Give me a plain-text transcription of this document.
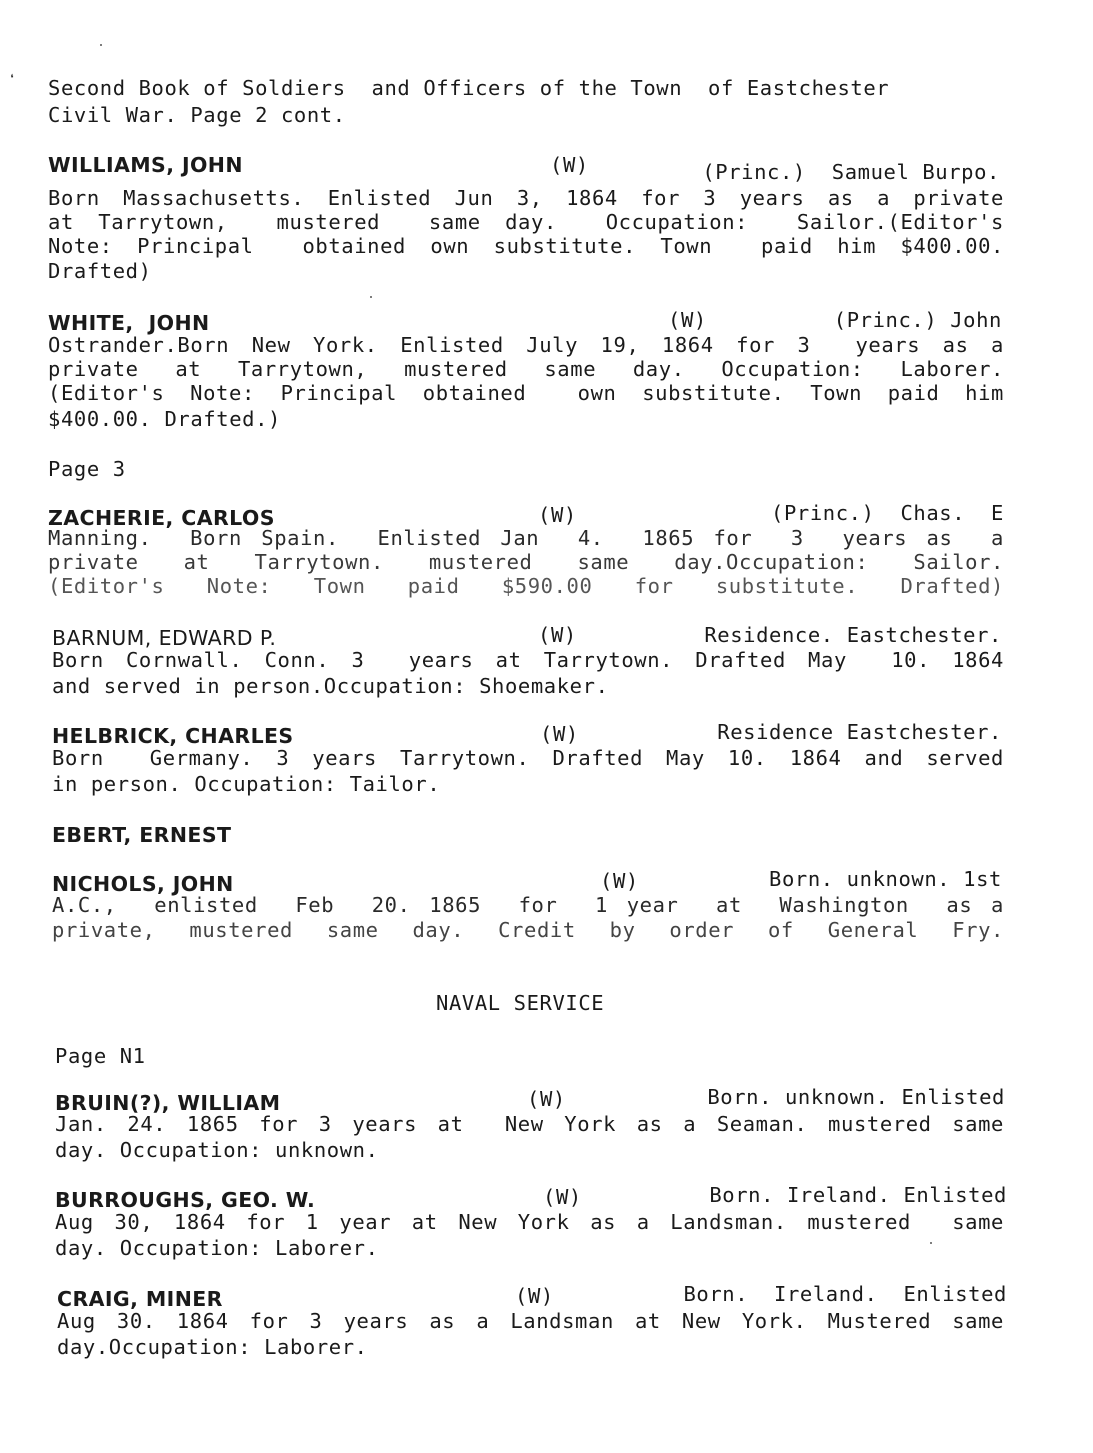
❛ Second Book of Soldiers  and Officers of the Town  of Eastchester
Civil War. Page 2 cont.

WILLIAMS, JOHN

	(W)

	(Princ.)  Samuel Burpo.

Born Massachusetts. Enlisted Jun 3, 1864 for 3 years as a private
at Tarrytown,  mustered  same day.  Occupation:  Sailor.(Editor's
Note: Principal  obtained own substitute. Town  paid him $400.00.
Drafted)

WHITE,  JOHN

	(W)

	(Princ.) John

Ostrander.Born New York. Enlisted July 19, 1864 for 3  years as a
private at Tarrytown, mustered same day. Occupation: Laborer.
(Editor's Note: Principal obtained  own substitute. Town paid him
$400.00. Drafted.)
Page 3

ZACHERIE, CARLOS

	(W)

	(Princ.)  Chas.  E

Manning.  Born Spain.  Enlisted Jan  4.  1865 for  3  years as  a
private at Tarrytown. mustered same day.Occupation: Sailor.
(Editor's Note: Town paid $590.00 for substitute. Drafted)

BARNUM, EDWARD P.

	(W)

	Residence. Eastchester.

Born Cornwall. Conn. 3  years at Tarrytown. Drafted May  10. 1864
and served in person.Occupation: Shoemaker.

HELBRICK, CHARLES

	(W)

	Residence Eastchester.

Born  Germany. 3 years Tarrytown. Drafted May 10. 1864 and served
in person. Occupation: Tailor.
EBERT, ERNEST

NICHOLS, JOHN

	(W)

	Born. unknown. 1st

A.C.,  enlisted  Feb  20. 1865  for  1 year  at  Washington  as a
private, mustered same day. Credit by order of General Fry.
NAVAL SERVICE
Page N1

BRUIN(?), WILLIAM

	(W)

	Born. unknown. Enlisted

Jan. 24. 1865 for 3 years at  New York as a Seaman. mustered same
day. Occupation: unknown.

BURROUGHS, GEO. W.

	(W)

	Born. Ireland. Enlisted

Aug 30, 1864 for 1 year at New York as a Landsman. mustered  same
day. Occupation: Laborer.

CRAIG, MINER

	(W)

	Born.  Ireland.  Enlisted

Aug 30. 1864 for 3 years as a Landsman at New York. Mustered same
day.Occupation: Laborer.
